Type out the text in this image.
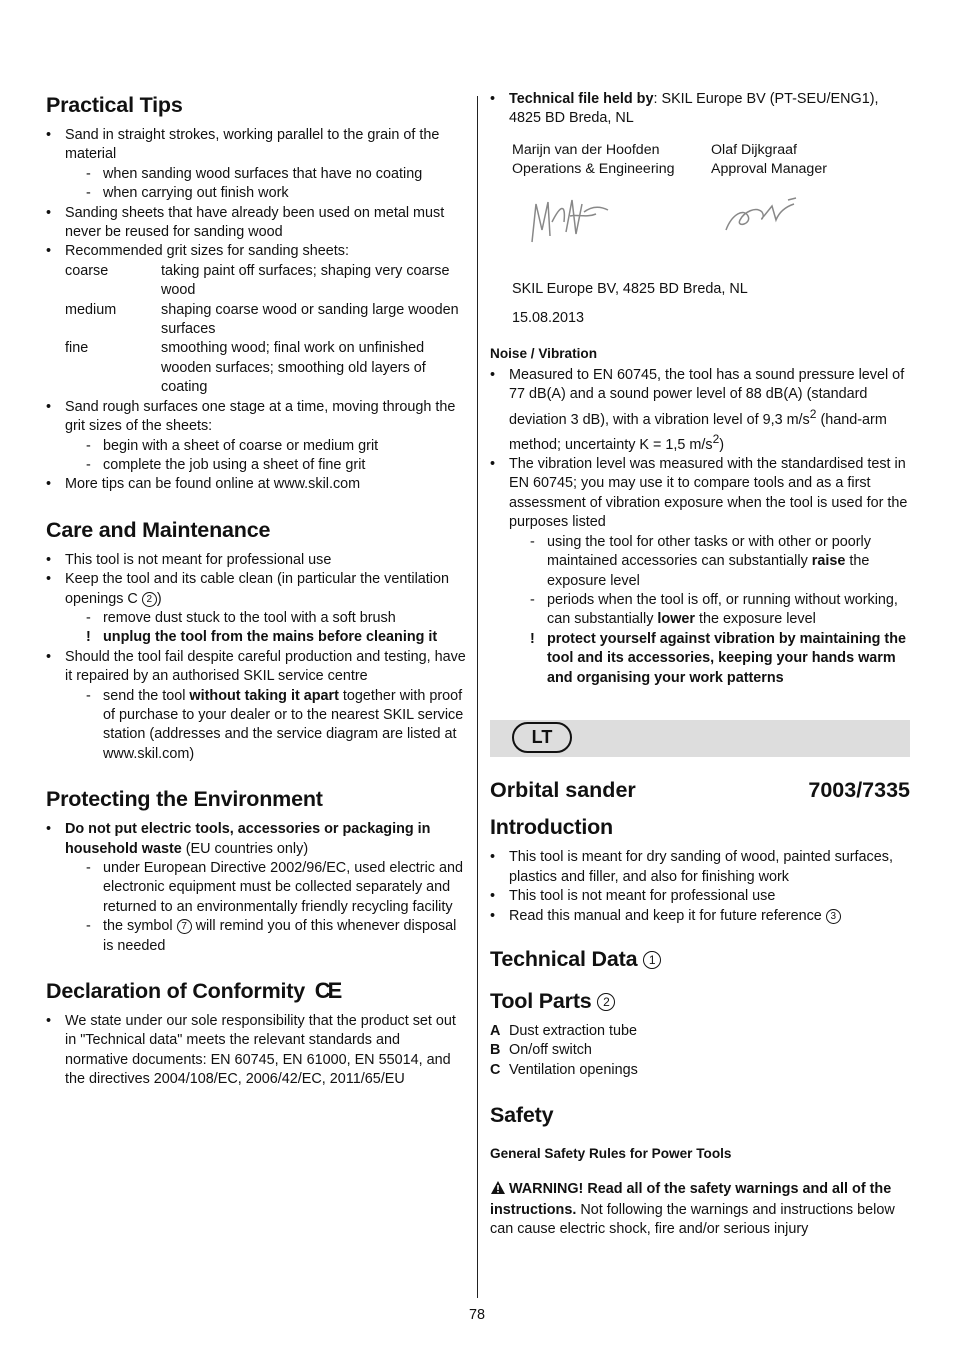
Practical Tips
• Sand in straight strokes, working parallel to the grain of the material
- when sanding wood surfaces that have no coating
- when carrying out finish work
• Sanding sheets that have already been used on metal must never be reused for sanding wood
• Recommended grit sizes for sanding sheets:
coarse	taking paint off surfaces; shaping very coarse wood
medium	shaping coarse wood or sanding large wooden surfaces
fine	smoothing wood; final work on unfinished wooden surfaces; smoothing old layers of coating
• Sand rough surfaces one stage at a time, moving through the grit sizes of the sheets:
- begin with a sheet of coarse or medium grit
- complete the job using a sheet of fine grit
• More tips can be found online at www.skil.com
Care and Maintenance
• This tool is not meant for professional use
• Keep the tool and its cable clean (in particular the ventilation openings C 2 )
- remove dust stuck to the tool with a soft brush
! unplug the tool from the mains before cleaning it
• Should the tool fail despite careful production and testing, have it repaired by an authorised SKIL service centre
- send the tool without taking it apart together with proof of purchase to your dealer or to the nearest SKIL service station (addresses and the service diagram are listed at www.skil.com)
Protecting the Environment
• Do not put electric tools, accessories or packaging in household waste (EU countries only)
- under European Directive 2002/96/EC, used electric and electronic equipment must be collected separately and returned to an environmentally friendly recycling facility
- the symbol 7 will remind you of this whenever disposal is needed
Declaration of Conformity CE
• We state under our sole responsibility that the product set out in "Technical data" meets the relevant standards and normative documents: EN 60745, EN 61000, EN 55014, and the directives 2004/108/EC, 2006/42/EC, 2011/65/EU
• Technical file held by: SKIL Europe BV (PT-SEU/ENG1), 4825 BD Breda, NL
Marijn van der Hoofden
Operations & Engineering
Olaf Dijkgraaf
Approval Manager
SKIL Europe BV, 4825 BD Breda, NL
15.08.2013
Noise / Vibration
• Measured to EN 60745, the tool has a sound pressure level of 77 dB(A) and a sound power level of 88 dB(A) (standard deviation 3 dB), with a vibration level of 9,3 $m/s^2$ (hand-arm method; uncertainty K = 1,5 $m/s^2$)
• The vibration level was measured with the standardised test in EN 60745; you may use it to compare tools and as a first assessment of vibration exposure when the tool is used for the purposes listed
- using the tool for other tasks or with other or poorly maintained accessories can substantially raise the exposure level
- periods when the tool is off, or running without working, can substantially lower the exposure level
! protect yourself against vibration by maintaining the tool and its accessories, keeping your hands warm and organising your work patterns
LT
Orbital sander	7003/7335
Introduction
• This tool is meant for dry sanding of wood, painted surfaces, plastics and filler, and also for finishing work
• This tool is not meant for professional use
• Read this manual and keep it for future reference 3
Technical Data 1
Tool Parts 2
A Dust extraction tube
B On/off switch
C Ventilation openings
Safety
General Safety Rules for Power Tools
WARNING! Read all of the safety warnings and all of the instructions. Not following the warnings and instructions below can cause electric shock, fire and/or serious injury
78
